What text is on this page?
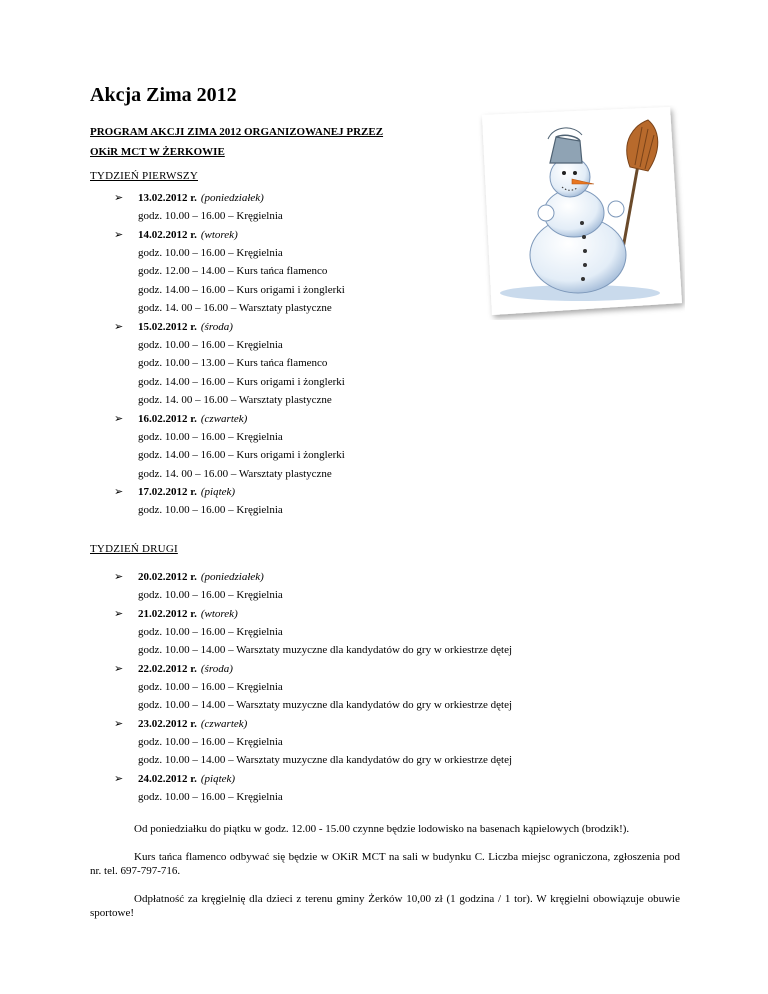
Akcja Zima 2012
PROGRAM AKCJI ZIMA 2012 ORGANIZOWANEJ PRZEZ
OKiR MCT W ŻERKOWIE
TYDZIEŃ PIERWSZY
➢ 13.02.2012 r. (poniedziałek)
godz. 10.00 – 16.00 – Kręgielnia
➢ 14.02.2012 r. (wtorek)
godz. 10.00 – 16.00 – Kręgielnia
godz. 12.00 – 14.00 – Kurs tańca flamenco
godz. 14.00 – 16.00 – Kurs origami i żonglerki
godz. 14. 00 – 16.00 – Warsztaty plastyczne
➢ 15.02.2012 r. (środa)
godz. 10.00 – 16.00 – Kręgielnia
godz. 10.00 – 13.00 – Kurs tańca flamenco
godz. 14.00 – 16.00 – Kurs origami i żonglerki
godz. 14. 00 – 16.00 – Warsztaty plastyczne
➢ 16.02.2012 r. (czwartek)
godz. 10.00 – 16.00 – Kręgielnia
godz. 14.00 – 16.00 – Kurs origami i żonglerki
godz. 14. 00 – 16.00 – Warsztaty plastyczne
➢ 17.02.2012 r. (piątek)
godz. 10.00 – 16.00 – Kręgielnia
TYDZIEŃ DRUGI
➢ 20.02.2012 r. (poniedziałek)
godz. 10.00 – 16.00 – Kręgielnia
➢ 21.02.2012 r. (wtorek)
godz. 10.00 – 16.00 – Kręgielnia
godz. 10.00 – 14.00 – Warsztaty muzyczne dla kandydatów do gry w orkiestrze dętej
➢ 22.02.2012 r. (środa)
godz. 10.00 – 16.00 – Kręgielnia
godz. 10.00 – 14.00 – Warsztaty muzyczne dla kandydatów do gry w orkiestrze dętej
➢ 23.02.2012 r. (czwartek)
godz. 10.00 – 16.00 – Kręgielnia
godz. 10.00 – 14.00 – Warsztaty muzyczne dla kandydatów do gry w orkiestrze dętej
➢ 24.02.2012 r. (piątek)
godz. 10.00 – 16.00 – Kręgielnia

Od poniedziałku do piątku w godz. 12.00 - 15.00 czynne będzie lodowisko na basenach kąpielowych (brodzik!).

Kurs tańca flamenco odbywać się będzie w OKiR MCT na sali w budynku C. Liczba miejsc ograniczona, zgłoszenia pod nr. tel. 697-797-716.

Odpłatność za kręgielnię dla dzieci z terenu gminy Żerków 10,00 zł (1 godzina / 1 tor). W kręgielni obowiązuje obuwie sportowe!
